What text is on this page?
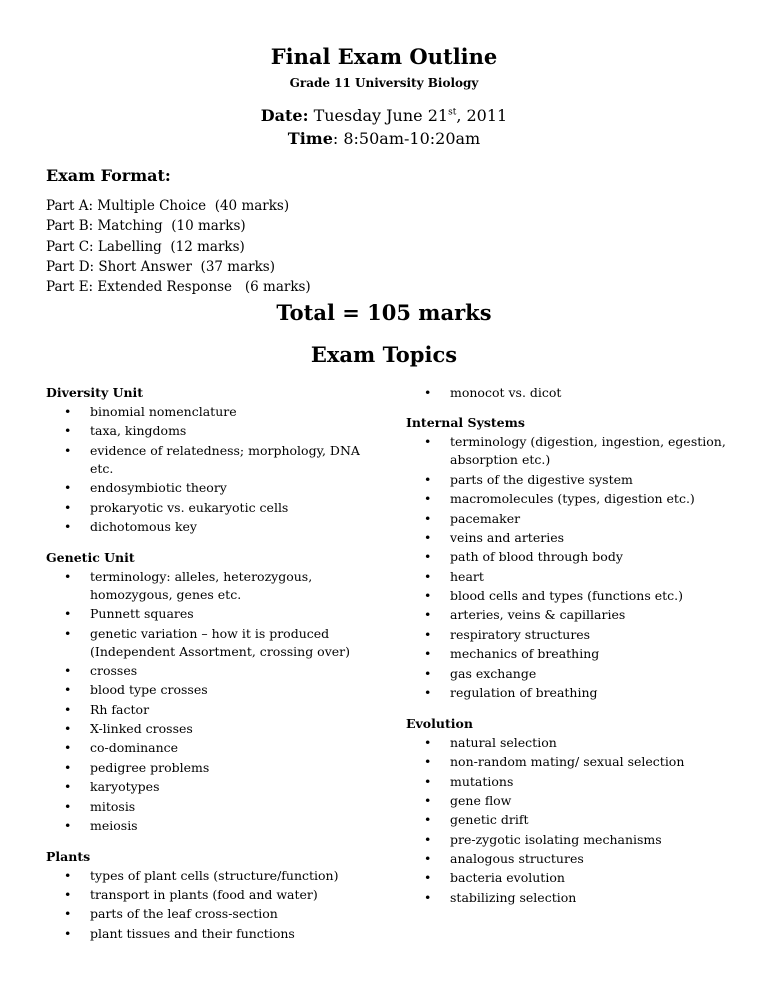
Final Exam Outline
Grade 11 University Biology
Date: Tuesday June 21st, 2011
Time: 8:50am-10:20am
Exam Format:
Part A: Multiple Choice  (40 marks)
Part B: Matching  (10 marks)
Part C: Labelling  (12 marks)
Part D: Short Answer  (37 marks)
Part E: Extended Response   (6 marks)
Total = 105 marks
Exam Topics
Diversity Unit
• binomial nomenclature
• taxa, kingdoms
• evidence of relatedness; morphology, DNA etc.
• endosymbiotic theory
• prokaryotic vs. eukaryotic cells
• dichotomous key
Genetic Unit
• terminology: alleles, heterozygous, homozygous, genes etc.
• Punnett squares
• genetic variation – how it is produced (Independent Assortment, crossing over)
• crosses
• blood type crosses
• Rh factor
• X-linked crosses
• co-dominance
• pedigree problems
• karyotypes
• mitosis
• meiosis
Plants
• types of plant cells (structure/function)
• transport in plants (food and water)
• parts of the leaf cross-section
• plant tissues and their functions
• monocot vs. dicot
Internal Systems
• terminology (digestion, ingestion, egestion, absorption etc.)
• parts of the digestive system
• macromolecules (types, digestion etc.)
• pacemaker
• veins and arteries
• path of blood through body
• heart
• blood cells and types (functions etc.)
• arteries, veins & capillaries
• respiratory structures
• mechanics of breathing
• gas exchange
• regulation of breathing
Evolution
• natural selection
• non-random mating/ sexual selection
• mutations
• gene flow
• genetic drift
• pre-zygotic isolating mechanisms
• analogous structures
• bacteria evolution
• stabilizing selection
